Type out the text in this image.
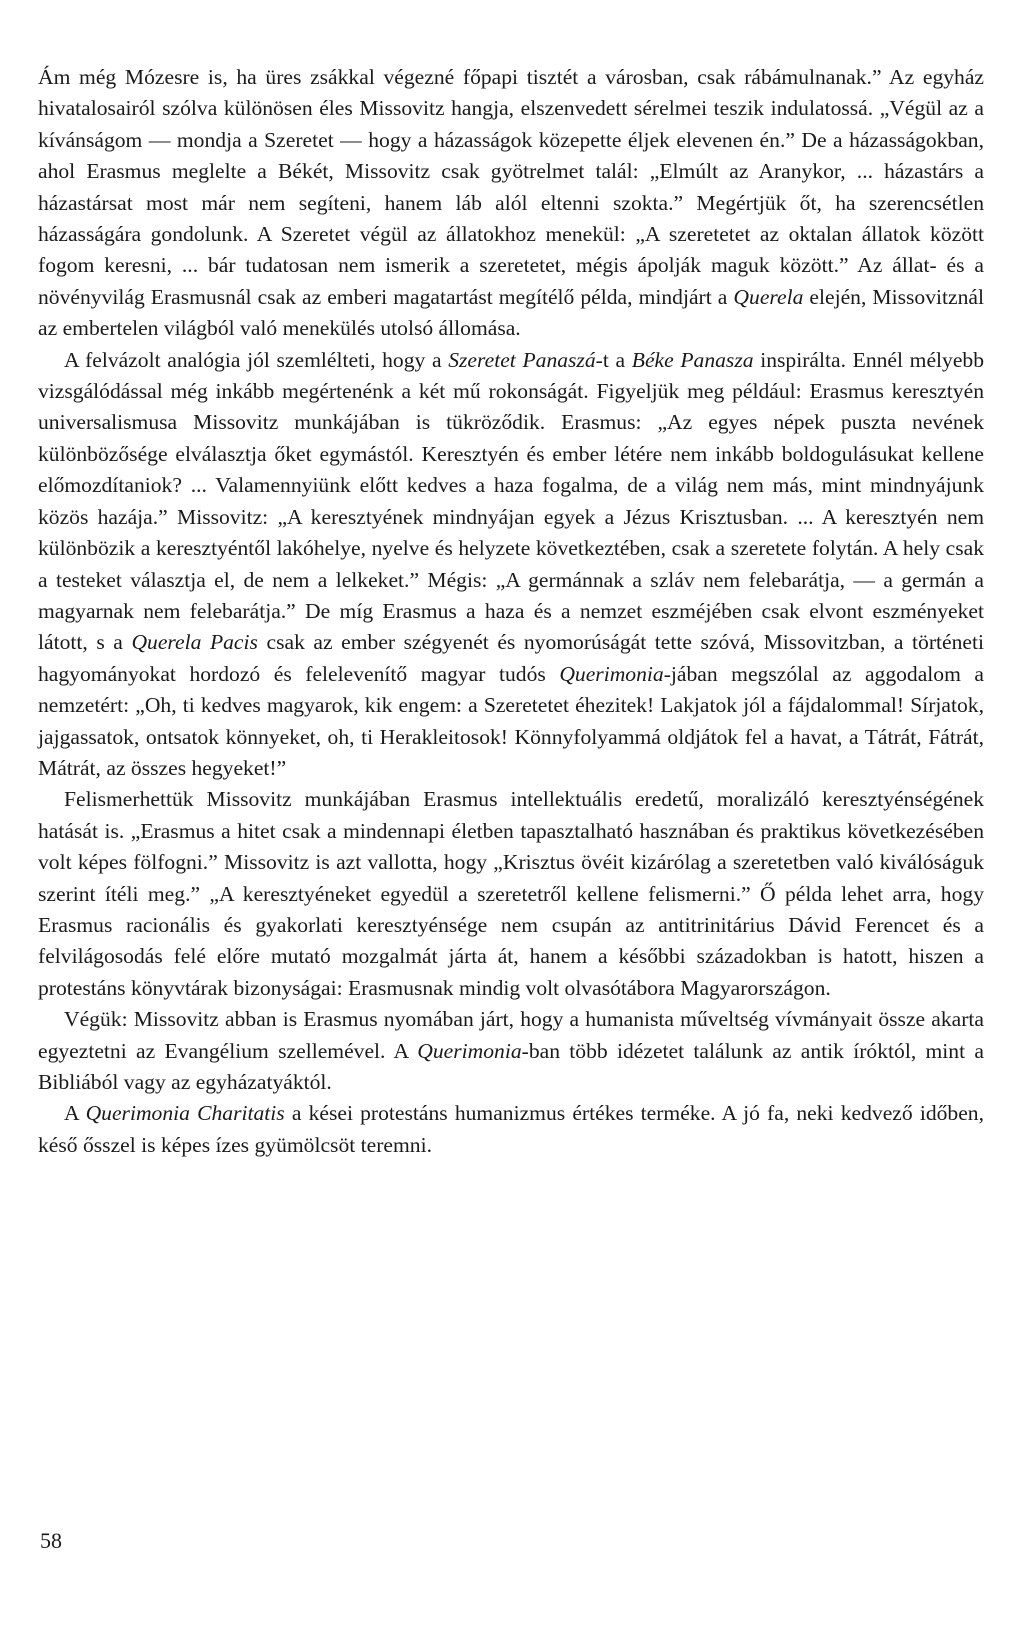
Ám még Mózesre is, ha üres zsákkal végezné főpapi tisztét a városban, csak rábámulnanak.” Az egyház hivatalosairól szólva különösen éles Missovitz hangja, elszenvedett sérelmei teszik indulatossá. „Végül az a kívánságom — mondja a Szeretet — hogy a házasságok közepette éljek elevenen én.” De a házasságokban, ahol Erasmus meglelte a Békét, Missovitz csak gyötrelmet talál: „Elmúlt az Aranykor, ... házastárs a házastársat most már nem segíteni, hanem láb alól eltenni szokta.” Megértjük őt, ha szerencsétlen házasságára gondolunk. A Szeretet végül az állatokhoz menekül: „A szeretetet az oktalan állatok között fogom keresni, ... bár tudatosan nem ismerik a szeretetet, mégis ápolják maguk között.” Az állat- és a növényvilág Erasmusnál csak az emberi magatartást megítélő példa, mindjárt a Querela elején, Missovitznál az embertelen világból való menekülés utolsó állomása.

A felvázolt analógia jól szemlélteti, hogy a Szeretet Panaszá-t a Béke Panasza inspirálta. Ennél mélyebb vizsgálódással még inkább megértenénk a két mű rokonságát. Figyeljük meg például: Erasmus keresztyén universalismusa Missovitz munkájában is tükröződik. Erasmus: „Az egyes népek puszta nevének különbözősége elválasztja őket egymástól. Keresztyén és ember létére nem inkább boldogulásukat kellene előmozdítaniok? ... Valamennyiünk előtt kedves a haza fogalma, de a világ nem más, mint mindnyájunk közös hazája.” Missovitz: „A keresztyének mindnyájan egyek a Jézus Krisztusban. ... A keresztyén nem különbözik a keresztyéntől lakóhelye, nyelve és helyzete következtében, csak a szeretete folytán. A hely csak a testeket választja el, de nem a lelkeket.” Mégis: „A germánnak a szláv nem felebarátja, — a germán a magyarnak nem felebarátja.” De míg Erasmus a haza és a nemzet eszméjében csak elvont eszményeket látott, s a Querela Pacis csak az ember szégyenét és nyomorúságát tette szóvá, Missovitzban, a történeti hagyományokat hordozó és felelevenítő magyar tudós Querimonia-jában megszólal az aggodalom a nemzetért: „Oh, ti kedves magyarok, kik engem: a Szeretetet éhezitek! Lakjatok jól a fájdalommal! Sírjatok, jajgassatok, ontsatok könnyeket, oh, ti Herakleitosok! Könnyfolyammá oldjátok fel a havat, a Tátrát, Fátrát, Mátrát, az összes hegyeket!”

Felismerhettük Missovitz munkájában Erasmus intellektuális eredetű, moralizáló keresztyénségének hatását is. „Erasmus a hitet csak a mindennapi életben tapasztalható hasznában és praktikus következésében volt képes fölfogni.” Missovitz is azt vallotta, hogy „Krisztus övéit kizárólag a szeretetben való kiválóságuk szerint ítéli meg.” „A keresztyéneket egyedül a szeretetről kellene felismerni.” Ő példa lehet arra, hogy Erasmus racionális és gyakorlati keresztyénsége nem csupán az antitrinitárius Dávid Ferencet és a felvilágosodás felé előre mutató mozgalmát járta át, hanem a későbbi századokban is hatott, hiszen a protestáns könyvtárak bizonyságai: Erasmusnak mindig volt olvasótábora Magyarországon.

Végük: Missovitz abban is Erasmus nyomában járt, hogy a humanista műveltség vívmányait össze akarta egyeztetni az Evangélium szellemével. A Querimonia-ban több idézetet találunk az antik íróktól, mint a Bibliából vagy az egyházatyáktól.

A Querimonia Charitatis a kései protestáns humanizmus értékes terméke. A jó fa, neki kedvező időben, késő ősszel is képes ízes gyümölcsöt teremni.

58
